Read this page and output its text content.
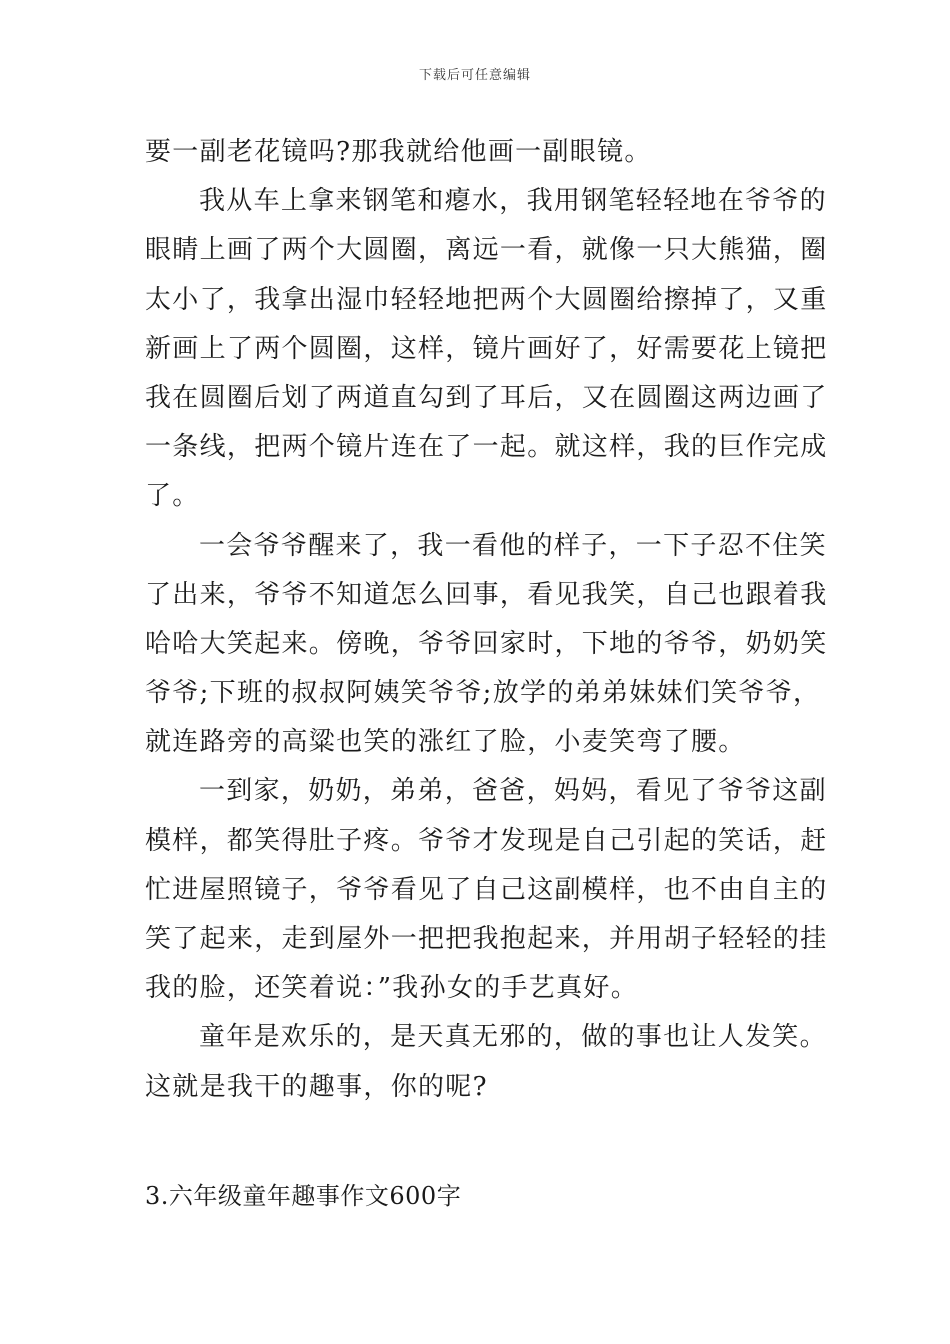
下载后可任意编辑
要一副老花镜吗?那我就给他画一副眼镜。
我从车上拿来钢笔和瘪水，我用钢笔轻轻地在爷爷的
眼睛上画了两个大圆圈，离远一看，就像一只大熊猫，圈
太小了，我拿出湿巾轻轻地把两个大圆圈给擦掉了，又重
新画上了两个圆圈，这样，镜片画好了，好需要花上镜把
我在圆圈后划了两道直勾到了耳后，又在圆圈这两边画了
一条线，把两个镜片连在了一起。就这样，我的巨作完成
了。
一会爷爷醒来了，我一看他的样子，一下子忍不住笑
了出来，爷爷不知道怎么回事，看见我笑，自己也跟着我
哈哈大笑起来。傍晚，爷爷回家时，下地的爷爷，奶奶笑
爷爷;下班的叔叔阿姨笑爷爷;放学的弟弟妹妹们笑爷爷，
就连路旁的高粱也笑的涨红了脸，小麦笑弯了腰。
一到家，奶奶，弟弟，爸爸，妈妈，看见了爷爷这副
模样，都笑得肚子疼。爷爷才发现是自己引起的笑话，赶
忙进屋照镜子，爷爷看见了自己这副模样，也不由自主的
笑了起来，走到屋外一把把我抱起来，并用胡子轻轻的挂
我的脸，还笑着说：”我孙女的手艺真好。
童年是欢乐的，是天真无邪的，做的事也让人发笑。
这就是我干的趣事，你的呢?
3.六年级童年趣事作文600字
